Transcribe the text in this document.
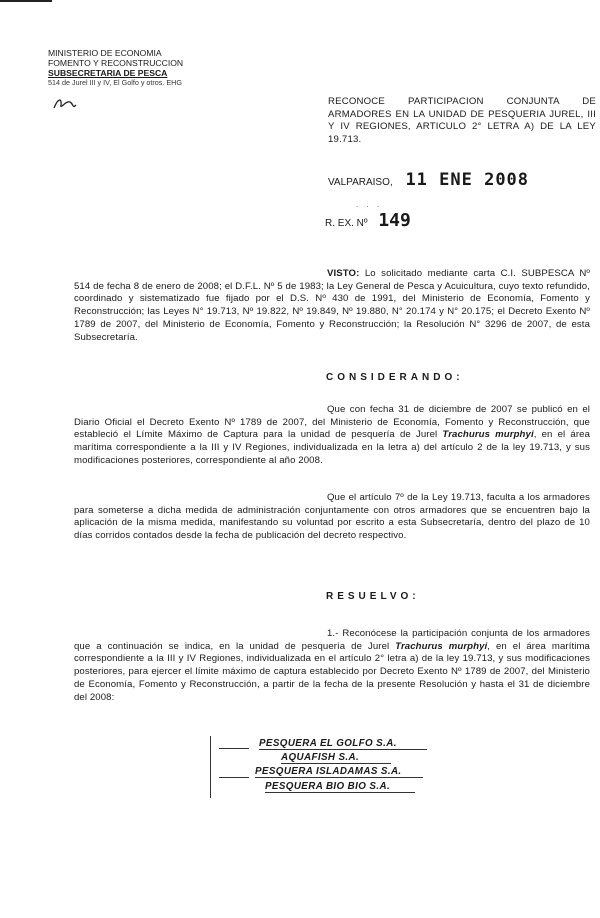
MINISTERIO DE ECONOMIA
FOMENTO Y RECONSTRUCCION
SUBSECRETARIA DE PESCA
514 de Jurel III y IV, El Golfo y otros. EHG
RECONOCE PARTICIPACION CONJUNTA DE ARMADORES EN LA UNIDAD DE PESQUERIA JUREL, III Y IV REGIONES, ARTICULO 2° LETRA A) DE LA LEY 19.713.
VALPARAISO, 11 ENE 2008
. . .
R. EX. Nº 149
VISTO: Lo solicitado mediante carta C.I. SUBPESCA Nº 514 de fecha 8 de enero de 2008; el D.F.L. Nº 5 de 1983; la Ley General de Pesca y Acuicultura, cuyo texto refundido, coordinado y sistematizado fue fijado por el D.S. Nº 430 de 1991, del Ministerio de Economía, Fomento y Reconstrucción; las Leyes N° 19.713, Nº 19.822, Nº 19.849, Nº 19.880, N° 20.174 y N° 20.175; el Decreto Exento Nº 1789 de 2007, del Ministerio de Economía, Fomento y Reconstrucción; la Resolución N° 3296 de 2007, de esta Subsecretaría.
CONSIDERANDO:
Que con fecha 31 de diciembre de 2007 se publicó en el Diario Oficial el Decreto Exento Nº 1789 de 2007, del Ministerio de Economía, Fomento y Reconstrucción, que estableció el Límite Máximo de Captura para la unidad de pesquería de Jurel Trachurus murphyi, en el área marítima correspondiente a la III y IV Regiones, individualizada en la letra a) del artículo 2 de la ley 19.713, y sus modificaciones posteriores, correspondiente al año 2008.
Que el artículo 7º de la Ley 19.713, faculta a los armadores para someterse a dicha medida de administración conjuntamente con otros armadores que se encuentren bajo la aplicación de la misma medida, manifestando su voluntad por escrito a esta Subsecretaría, dentro del plazo de 10 días corridos contados desde la fecha de publicación del decreto respectivo.
RESUELVO:
1.- Reconócese la participación conjunta de los armadores que a continuación se indica, en la unidad de pesquería de Jurel Trachurus murphyi, en el área marítima correspondiente a la III y IV Regiones, individualizada en el artículo 2° letra a) de la ley 19.713, y sus modificaciones posteriores, para ejercer el límite máximo de captura establecido por Decreto Exento Nº 1789 de 2007, del Ministerio de Economía, Fomento y Reconstrucción, a partir de la fecha de la presente Resolución y hasta el 31 de diciembre del 2008:
PESQUERA EL GOLFO S.A.
AQUAFISH S.A.
PESQUERA ISLADAMAS S.A.
PESQUERA BIO BIO S.A.
